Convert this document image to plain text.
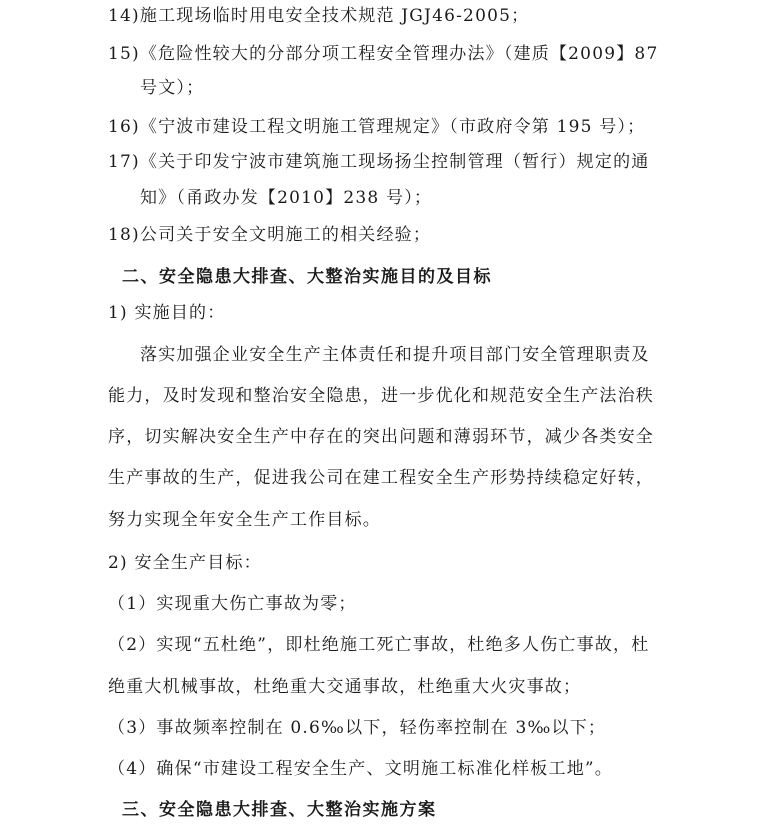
14)施工现场临时用电安全技术规范 JGJ46-2005；
15)《危险性较大的分部分项工程安全管理办法》（建质【2009】87
号文）；
16)《宁波市建设工程文明施工管理规定》（市政府令第 195 号）；
17)《关于印发宁波市建筑施工现场扬尘控制管理（暂行）规定的通
知》（甬政办发【2010】238 号）；
18)公司关于安全文明施工的相关经验；
二、安全隐患大排查、大整治实施目的及目标
1) 实施目的：
落实加强企业安全生产主体责任和提升项目部门安全管理职责及
能力，及时发现和整治安全隐患，进一步优化和规范安全生产法治秩
序，切实解决安全生产中存在的突出问题和薄弱环节，减少各类安全
生产事故的生产，促进我公司在建工程安全生产形势持续稳定好转，
努力实现全年安全生产工作目标。
2) 安全生产目标：
（1）实现重大伤亡事故为零；
（2）实现“五杜绝”，即杜绝施工死亡事故，杜绝多人伤亡事故，杜
绝重大机械事故，杜绝重大交通事故，杜绝重大火灾事故；
（3）事故频率控制在 0.6‰以下，轻伤率控制在 3‰以下；
（4）确保“市建设工程安全生产、文明施工标准化样板工地”。
三、安全隐患大排查、大整治实施方案
